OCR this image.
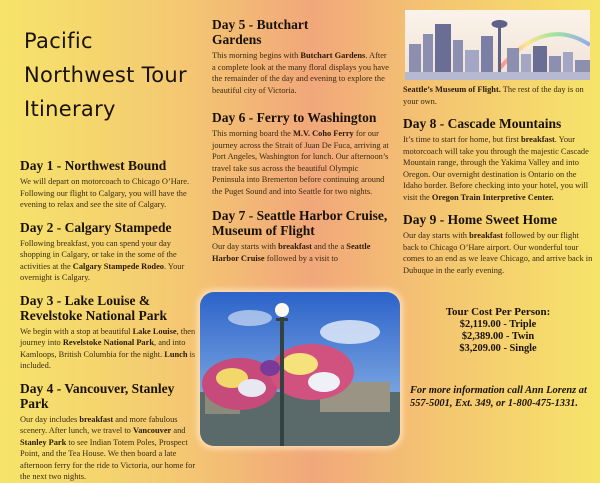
Pacific
Northwest Tour
Itinerary
Day 1 - Northwest Bound
We will depart on motorcoach to Chicago O’Hare. Following our flight to Calgary, you will have the evening to relax and see the site of Calgary.
Day 2 - Calgary Stampede
Following breakfast, you can spend your day shopping in Calgary, or take in the some of the activities at the Calgary Stampede Rodeo. Your overnight is Calgary.
Day 3 - Lake Louise & Revelstoke National Park
We begin with a stop at beautiful Lake Louise, then journey into Revelstoke National Park, and into Kamloops, British Columbia for the night. Lunch is included.
Day 4 - Vancouver, Stanley Park
Our day includes breakfast and more fabulous scenery. After lunch, we travel to Vancouver and Stanley Park to see Indian Totem Poles, Prospect Point, and the Tea House. We then board a late afternoon ferry for the ride to Victoria, our home for the next two nights.
Day 5 - Butchart Gardens
This morning begins with Butchart Gardens. After a complete look at the many floral displays you have the remainder of the day and evening to explore the beautiful city of Victoria.
Day 6 - Ferry to Washington
This morning board the M.V. Coho Ferry for our journey across the Strait of Juan De Fuca, arriving at Port Angeles, Washington for lunch. Our afternoon’s travel take sus across the beautiful Olympic Peninsula into Bremerton before continuing around the Puget Sound and into Seattle for two nights.
Day 7 - Seattle Harbor Cruise, Museum of Flight
Our day starts with breakfast and the a Seattle Harbor Cruise followed by a visit to
Seattle’s Museum of Flight. The rest of the day is on your own.
Day 8 - Cascade Mountains
It’s time to start for home, but first breakfast. Your motorcoach will take you through the majestic Cascade Mountain range, through the Yakima Valley and into Oregon. Our overnight destination is Ontario on the Idaho border. Before checking into your hotel, you will visit the Oregon Train Interpretive Center.
Day 9 - Home Sweet Home
Our day starts with breakfast followed by our flight back to Chicago O’Hare airport. Our wonderful tour comes to an end as we leave Chicago, and arrive back in Dubuque in the early evening.
Tour Cost Per Person:
$2,119.00 - Triple
$2,389.00 - Twin
$3,209.00 - Single
For more information call Ann Lorenz at 557-5001, Ext. 349, or 1-800-475-1331.
